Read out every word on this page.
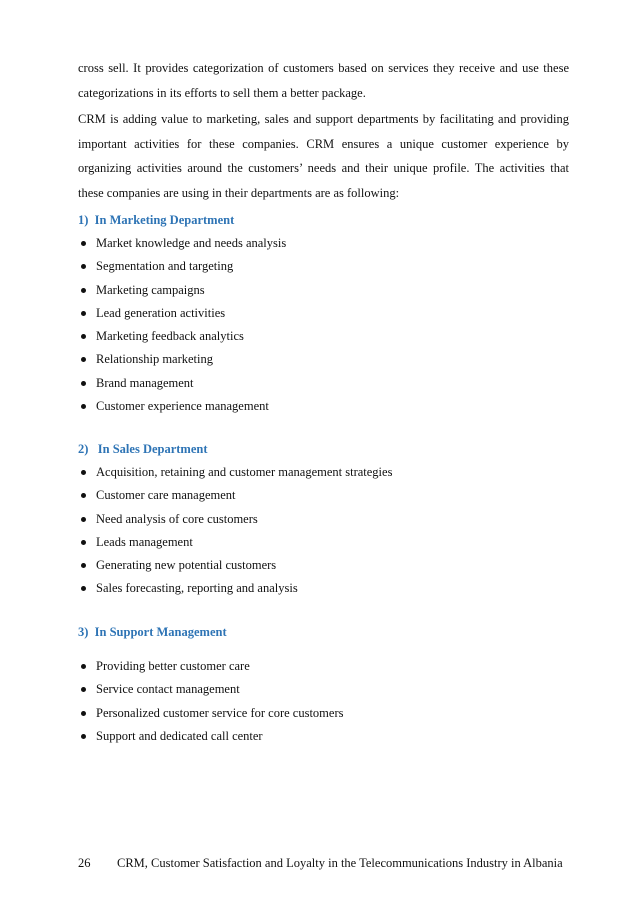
cross sell. It provides categorization of customers based on services they receive and use these categorizations in its efforts to sell them a better package.

CRM is adding value to marketing, sales and support departments by facilitating and providing important activities for these companies. CRM ensures a unique customer experience by organizing activities around the customers’ needs and their unique profile. The activities that these companies are using in their departments are as following:

1)  In Marketing Department

Market knowledge and needs analysis
Segmentation and targeting
Marketing campaigns
Lead generation activities
Marketing feedback analytics
Relationship marketing
Brand management
Customer experience management

2)   In Sales Department

Acquisition, retaining and customer management strategies
Customer care management
Need analysis of core customers
Leads management
Generating new potential customers
Sales forecasting, reporting and analysis

3)  In Support Management

Providing better customer care
Service contact management
Personalized customer service for core customers
Support and dedicated call center
26 CRM, Customer Satisfaction and Loyalty in the Telecommunications Industry in Albania
